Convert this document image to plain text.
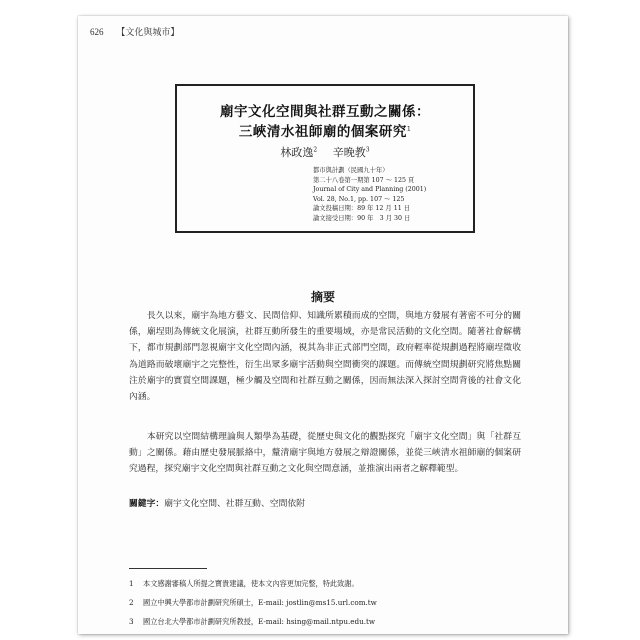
626 【文化與城市】
廟宇文化空間與社群互動之關係：
三峽清水祖師廟的個案研究$^1$
林政逸$^2$ 辛晚教$^3$
都市與計劃（民國九十年）
第二十八卷第一期第 107 ～ 125 頁
Journal of City and Planning (2001)
Vol. 28, No.1, pp. 107 ～ 125
論文投稿日期：89 年 12 月 11 日
論文接受日期：90 年　3 月 30 日
摘要

　　長久以來，廟宇為地方藝文、民間信仰、知識所累積而成的空間，與地方發展有著密不可分的關係，廟埕則為傳統文化展演，社群互動所發生的重要場域，亦是常民活動的文化空間。隨著社會解構下，都市規劃部門忽視廟宇文化空間內涵，視其為非正式部門空間，政府輕率從規劃過程將廟埕徵收為道路而破壞廟宇之完整性，衍生出眾多廟宇活動與空間衝突的課題。而傳統空間規劃研究將焦點關注於廟宇的實質空間課題，極少觸及空間和社群互動之關係，因而無法深入探討空間背後的社會文化內涵。

　　本研究以空間結構理論與人類學為基礎，從歷史與文化的觀點探究「廟宇文化空間」與「社群互動」之關係。藉由歷史發展脈絡中，釐清廟宇與地方發展之辯證關係，並從三峽清水祖師廟的個案研究過程，探究廟宇文化空間與社群互動之文化與空間意涵，並推演出兩者之解釋範型。

關鍵字：廟宇文化空間、社群互動、空間依附
1 本文感謝審稿人所提之寶貴建議，使本文內容更加完整，特此致謝。
2 國立中興大學都市計劃研究所碩士，E-mail: jostlin@ms15.url.com.tw
3 國立台北大學都市計劃研究所教授，E-mail: hsing@mail.ntpu.edu.tw
